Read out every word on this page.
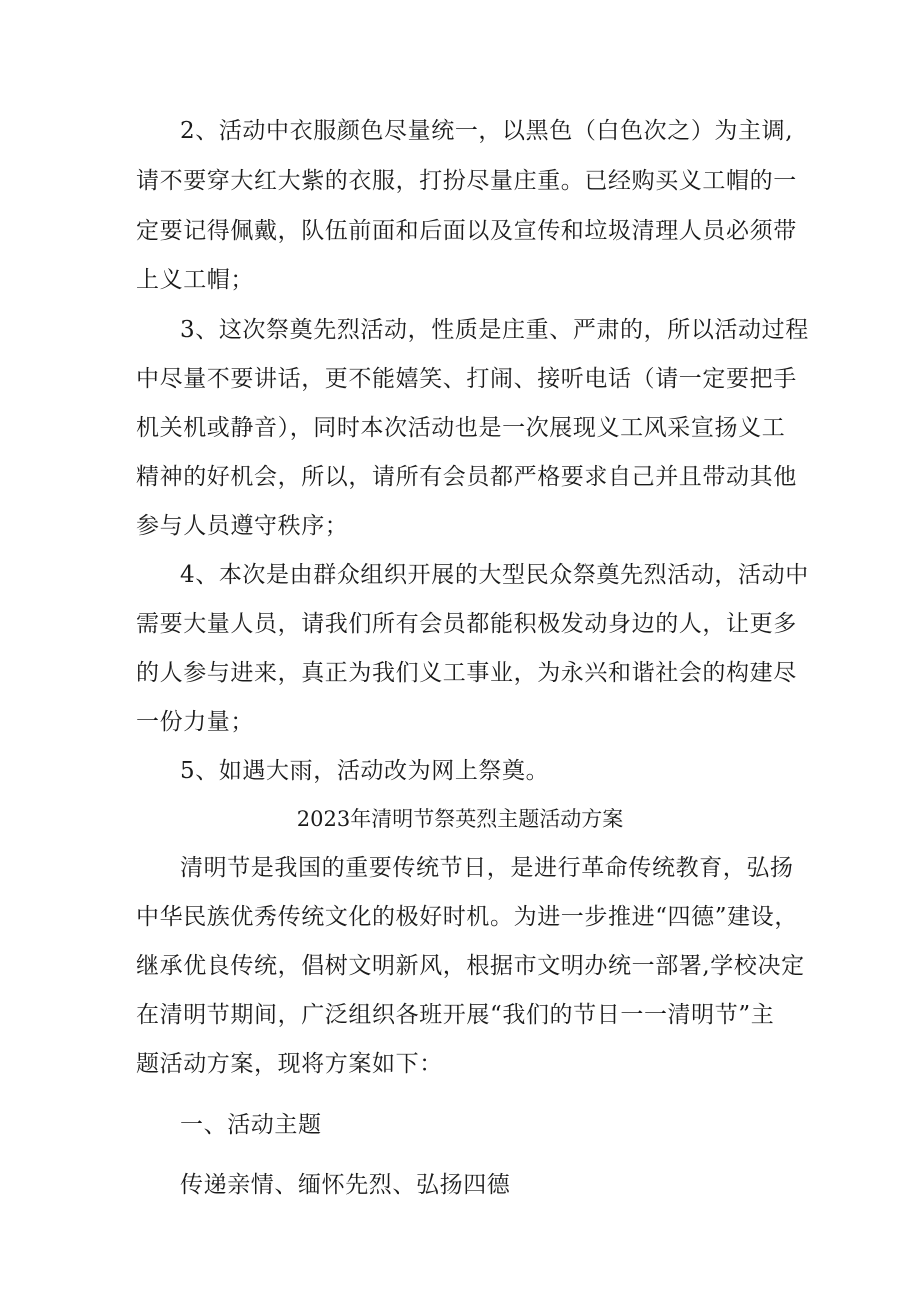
2、活动中衣服颜色尽量统一，以黑色（白色次之）为主调,
请不要穿大红大紫的衣服，打扮尽量庄重。已经购买义工帽的一
定要记得佩戴，队伍前面和后面以及宣传和垃圾清理人员必须带
上义工帽；
3、这次祭奠先烈活动，性质是庄重、严肃的，所以活动过程
中尽量不要讲话，更不能嬉笑、打闹、接听电话（请一定要把手
机关机或静音），同时本次活动也是一次展现义工风采宣扬义工
精神的好机会，所以，请所有会员都严格要求自己并且带动其他
参与人员遵守秩序；
4、本次是由群众组织开展的大型民众祭奠先烈活动，活动中
需要大量人员，请我们所有会员都能积极发动身边的人，让更多
的人参与进来，真正为我们义工事业，为永兴和谐社会的构建尽
一份力量；
5、如遇大雨，活动改为网上祭奠。
2023年清明节祭英烈主题活动方案
清明节是我国的重要传统节日，是进行革命传统教育，弘扬
中华民族优秀传统文化的极好时机。为进一步推进“四德”建设，
继承优良传统，倡树文明新风，根据市文明办统一部署,学校决定
在清明节期间，广泛组织各班开展“我们的节日一一清明节”主
题活动方案，现将方案如下：
一、活动主题
传递亲情、缅怀先烈、弘扬四德
